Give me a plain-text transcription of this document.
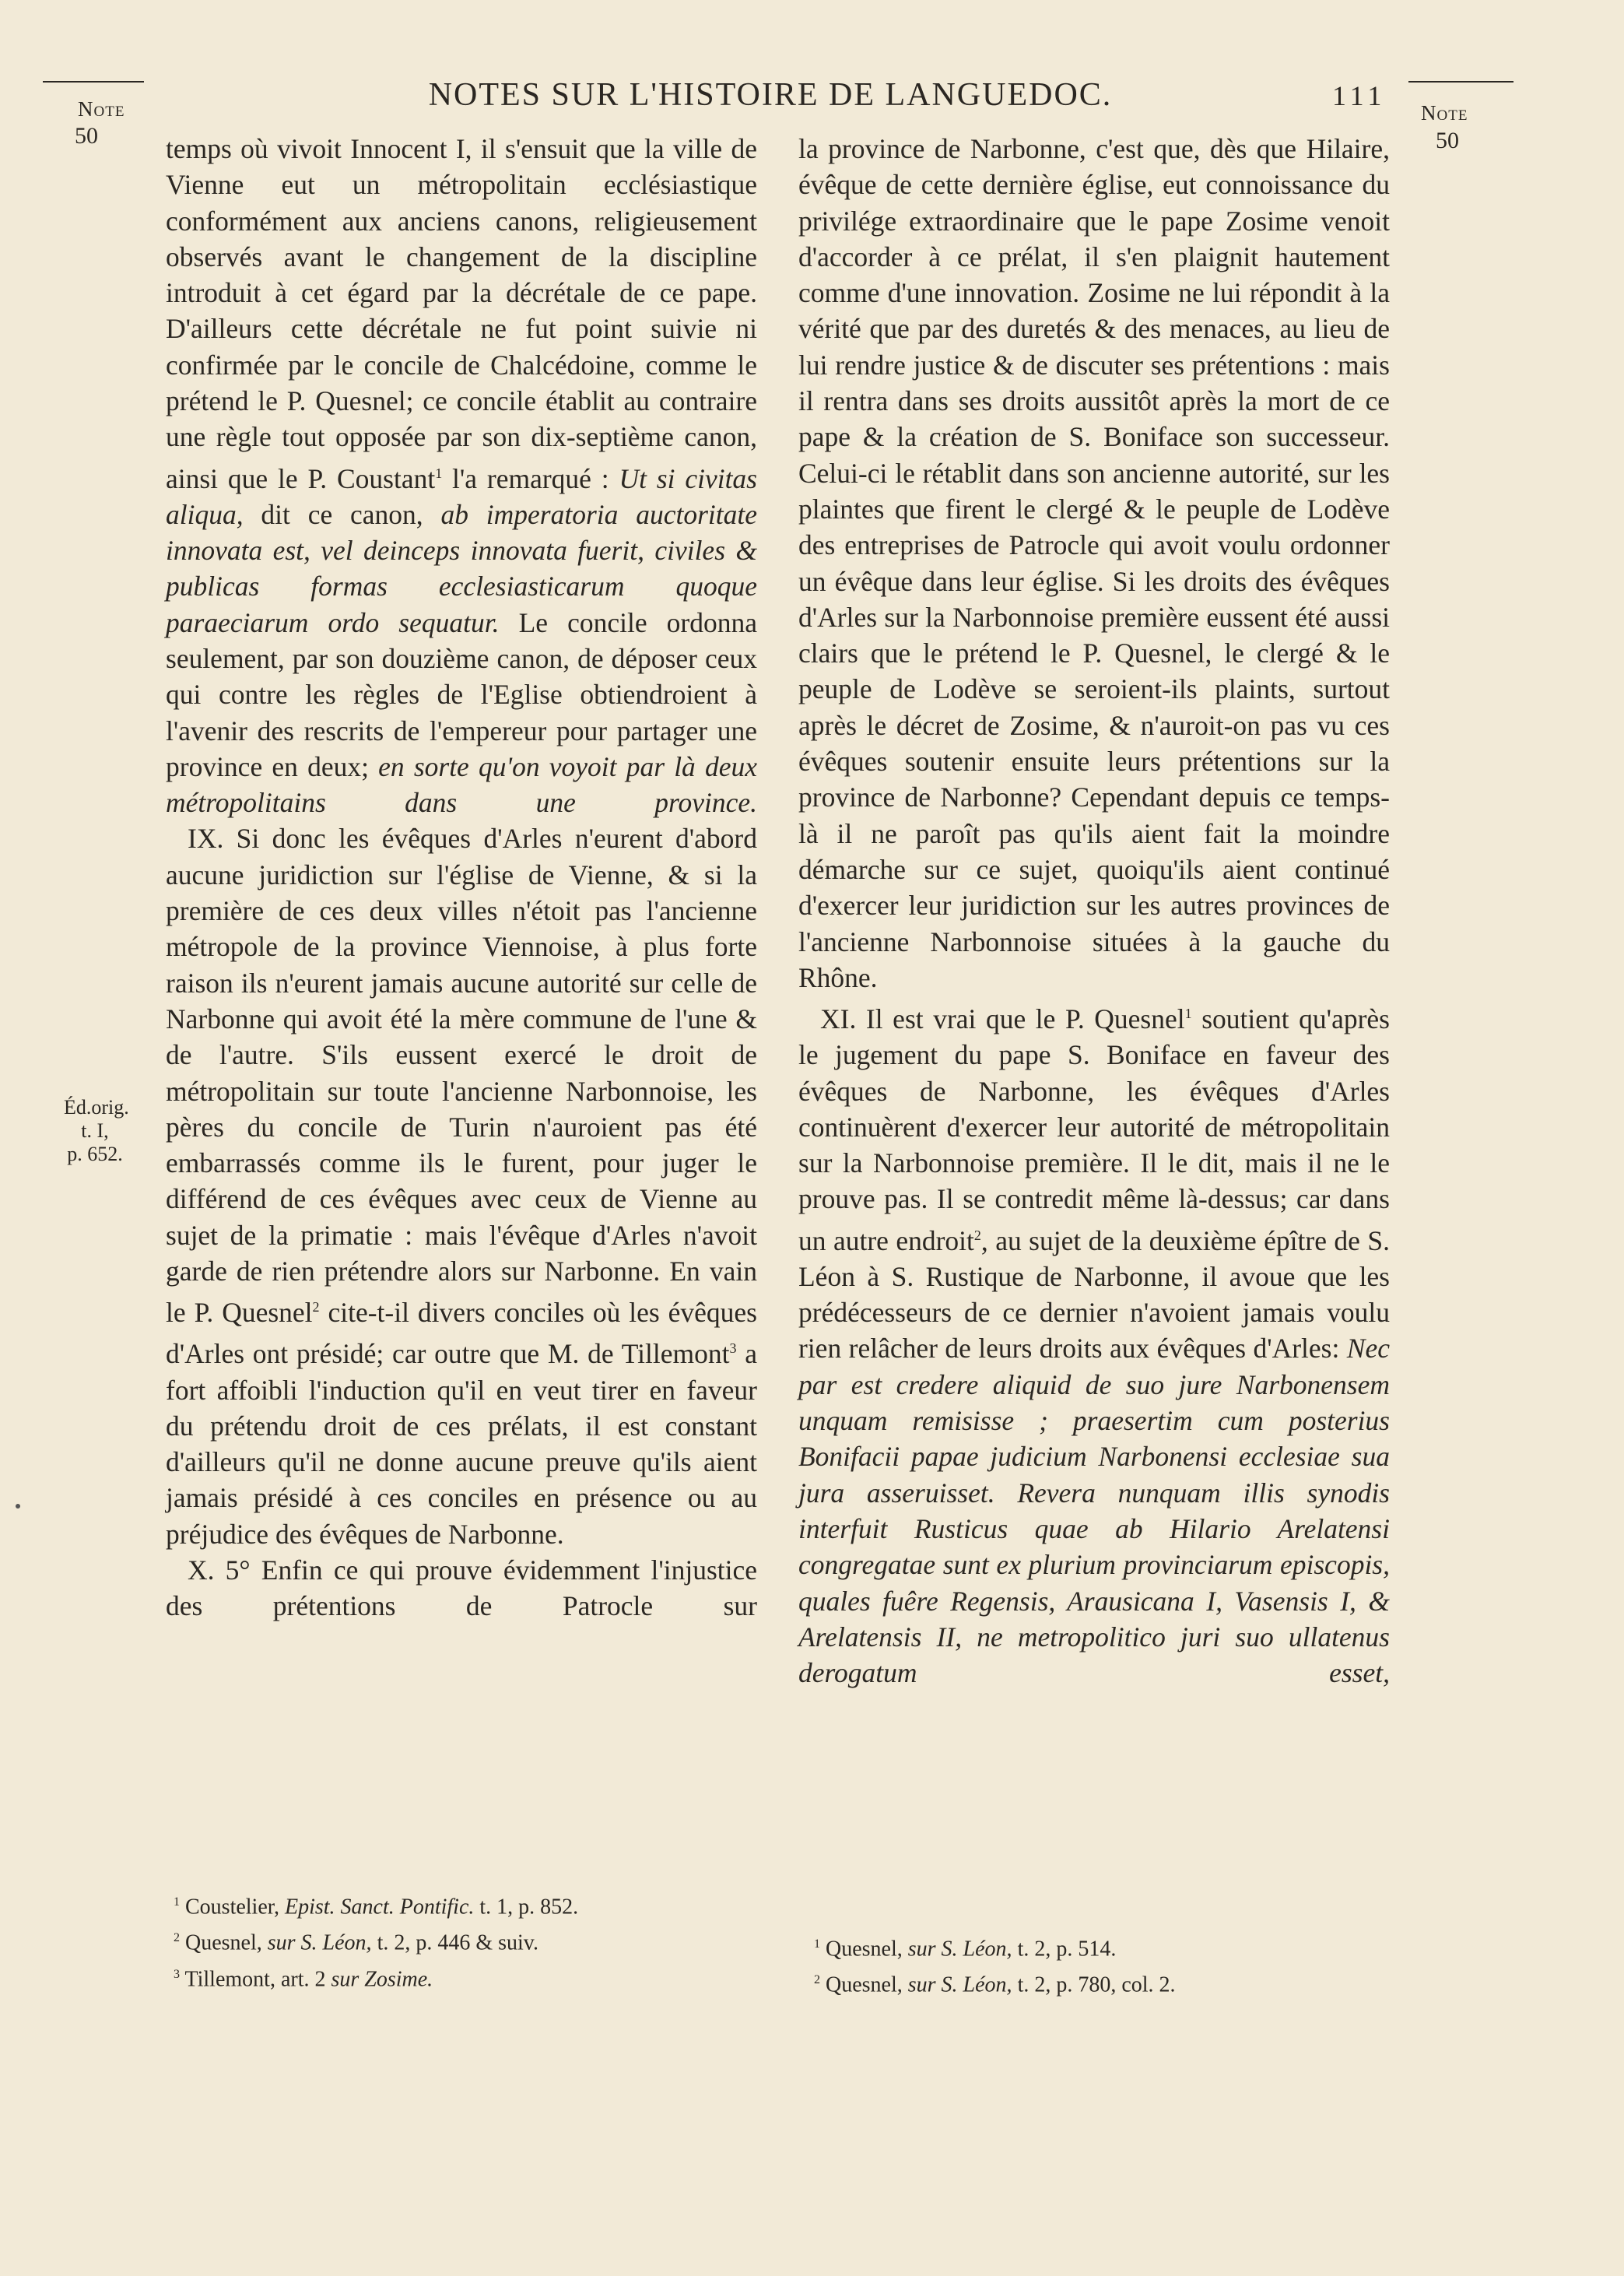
Note
50
NOTES SUR L'HISTOIRE DE LANGUEDOC.	111
Note
50
Éd.orig.
t. I,
p. 652.

temps où vivoit Innocent I, il s'ensuit que la ville de Vienne eut un métropolitain ecclésiastique conformément aux anciens canons, religieusement observés avant le changement de la discipline introduit à cet égard par la décrétale de ce pape. D'ailleurs cette décrétale ne fut point suivie ni confirmée par le concile de Chalcédoine, comme le prétend le P. Quesnel; ce concile établit au contraire une règle tout opposée par son dix-septième canon, ainsi que le P. Coustant$^1$ l'a remarqué : Ut si civitas aliqua, dit ce canon, ab imperatoria auctoritate innovata est, vel deinceps innovata fuerit, civiles & publicas formas ecclesiasticarum quoque paraeciarum ordo sequatur. Le concile ordonna seulement, par son douzième canon, de déposer ceux qui contre les règles de l'Eglise obtiendroient à l'avenir des rescrits de l'empereur pour partager une province en deux; en sorte qu'on voyoit par là deux métropolitains dans une province.

IX. Si donc les évêques d'Arles n'eurent d'abord aucune juridiction sur l'église de Vienne, & si la première de ces deux villes n'étoit pas l'ancienne métropole de la province Viennoise, à plus forte raison ils n'eurent jamais aucune autorité sur celle de Narbonne qui avoit été la mère commune de l'une & de l'autre. S'ils eussent exercé le droit de métropolitain sur toute l'ancienne Narbonnoise, les pères du concile de Turin n'auroient pas été embarrassés comme ils le furent, pour juger le différend de ces évêques avec ceux de Vienne au sujet de la primatie : mais l'évêque d'Arles n'avoit garde de rien prétendre alors sur Narbonne. En vain le P. Quesnel$^2$ cite-t-il divers conciles où les évêques d'Arles ont présidé; car outre que M. de Tillemont$^3$ a fort affoibli l'induction qu'il en veut tirer en faveur du prétendu droit de ces prélats, il est constant d'ailleurs qu'il ne donne aucune preuve qu'ils aient jamais présidé à ces conciles en présence ou au préjudice des évêques de Narbonne.

X. 5° Enfin ce qui prouve évidemment l'injustice des prétentions de Patrocle sur

la province de Narbonne, c'est que, dès que Hilaire, évêque de cette dernière église, eut connoissance du privilége extraordinaire que le pape Zosime venoit d'accorder à ce prélat, il s'en plaignit hautement comme d'une innovation. Zosime ne lui répondit à la vérité que par des duretés & des menaces, au lieu de lui rendre justice & de discuter ses prétentions : mais il rentra dans ses droits aussitôt après la mort de ce pape & la création de S. Boniface son successeur. Celui-ci le rétablit dans son ancienne autorité, sur les plaintes que firent le clergé & le peuple de Lodève des entreprises de Patrocle qui avoit voulu ordonner un évêque dans leur église. Si les droits des évêques d'Arles sur la Narbonnoise première eussent été aussi clairs que le prétend le P. Quesnel, le clergé & le peuple de Lodève se seroient-ils plaints, surtout après le décret de Zosime, & n'auroit-on pas vu ces évêques soutenir ensuite leurs prétentions sur la province de Narbonne? Cependant depuis ce temps-là il ne paroît pas qu'ils aient fait la moindre démarche sur ce sujet, quoiqu'ils aient continué d'exercer leur juridiction sur les autres provinces de l'ancienne Narbonnoise situées à la gauche du Rhône.

XI. Il est vrai que le P. Quesnel$^1$ soutient qu'après le jugement du pape S. Boniface en faveur des évêques de Narbonne, les évêques d'Arles continuèrent d'exercer leur autorité de métropolitain sur la Narbonnoise première. Il le dit, mais il ne le prouve pas. Il se contredit même là-dessus; car dans un autre endroit$^2$, au sujet de la deuxième épître de S. Léon à S. Rustique de Narbonne, il avoue que les prédécesseurs de ce dernier n'avoient jamais voulu rien relâcher de leurs droits aux évêques d'Arles: Nec par est credere aliquid de suo jure Narbonensem unquam remisisse ; praesertim cum posterius Bonifacii papae judicium Narbonensi ecclesiae sua jura asseruisset. Revera nunquam illis synodis interfuit Rusticus quae ab Hilario Arelatensi congregatae sunt ex plurium provinciarum episcopis, quales fuêre Regensis, Arausicana I, Vasensis I, & Arelatensis II, ne metropolitico juri suo ullatenus derogatum esset,

$^1$ Coustelier, Epist. Sanct. Pontific. t. 1, p. 852.

$^2$ Quesnel, sur S. Léon, t. 2, p. 446 & suiv.

$^3$ Tillemont, art. 2 sur Zosime.

$^1$ Quesnel, sur S. Léon, t. 2, p. 514.

$^2$ Quesnel, sur S. Léon, t. 2, p. 780, col. 2.
